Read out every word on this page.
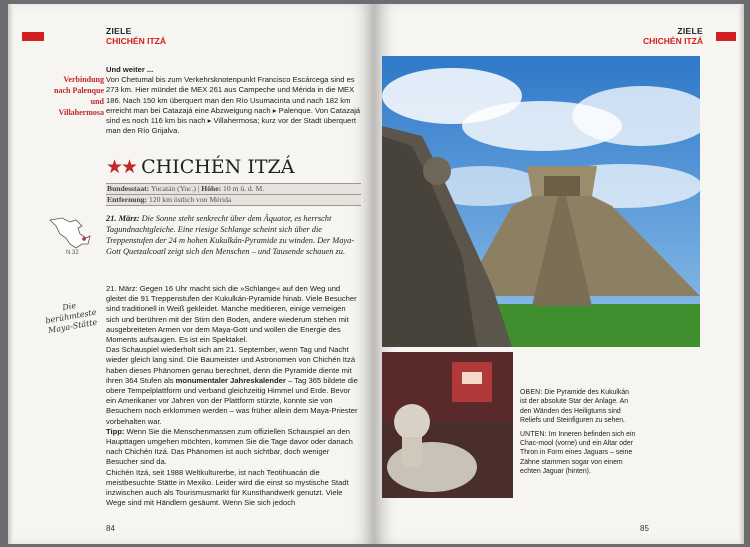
ZIELE
CHICHÉN ITZÁ
Verbindung nach Palenque und Villahermosa

Und weiter ...

Von Chetumal bis zum Verkehrsknotenpunkt Francisco Escárcega sind es 273 km. Hier mündet die MEX 261 aus Campeche und Mérida in die MEX 186. Nach 150 km überquert man den Río Usumacinta und nach 182 km erreicht man bei Catazajá eine Abzweigung nach ▸ Palenque. Von Catazajá sind es noch 116 km bis nach ▸ Villahermosa; kurz vor der Stadt überquert man den Río Grijalva.

★★ CHICHÉN ITZÁ
Bundesstaat: Yucatán (Yuc.) | Höhe: 10 m ü. d. M.
Entfernung: 120 km östlich von Mérida
N 32
21. März: Die Sonne steht senkrecht über dem Äquator, es herrscht Tagundnachtgleiche. Eine riesige Schlange scheint sich über die Treppenstufen der 24 m hohen Kukulkán-Pyramide zu winden. Der Maya-Gott Quetzalcoatl zeigt sich den Menschen – und Tausende schauen zu.
Die berühmteste Maya-Stätte

21. März: Gegen 16 Uhr macht sich die »Schlange« auf den Weg und gleitet die 91 Treppenstufen der Kukulkán-Pyramide hinab. Viele Besucher sind traditionell in Weiß gekleidet. Manche meditieren, einige verneigen sich und berühren mit der Stirn den Boden, andere wiederum stehen mit ausgebreiteten Armen vor dem Maya-Gott und wollen die Energie des Moments aufsaugen. Es ist ein Spektakel.

Das Schauspiel wiederholt sich am 21. September, wenn Tag und Nacht wieder gleich lang sind. Die Baumeister und Astronomen von Chichén Itzá haben dieses Phänomen genau berechnet, denn die Pyramide diente mit ihren 364 Stufen als monumentaler Jahreskalender – Tag 365 bildete die obere Tempelplattform und verband gleichzeitig Himmel und Erde. Bevor ein Amerikaner vor Jahren von der Plattform stürzte, konnte sie von Besuchern noch erklommen werden – was früher allein dem Maya-Priester vorbehalten war.

Tipp: Wenn Sie die Menschenmassen zum offiziellen Schauspiel an den Haupttagen umgehen möchten, kommen Sie die Tage davor oder danach nach Chichén Itzá. Das Phänomen ist auch sichtbar, doch weniger Besucher sind da.

Chichén Itzá, seit 1988 Weltkulturerbe, ist nach Teotihuacán die meistbesuchte Stätte in Mexiko. Leider wird die einst so mystische Stadt inzwischen auch als Tourismusmarkt für Kunsthandwerk genutzt. Viele Wege sind mit Händlern gesäumt. Wenn Sie sich jedoch

84
ZIELE
CHICHÉN ITZÁ

OBEN: Die Pyramide des Kukulkán ist der absolute Star der Anlage. An den Wänden des Heiligtums sind Reliefs und Steinfiguren zu sehen.

UNTEN: Im Inneren befinden sich ein Chac-mool (vorne) und ein Altar oder Thron in Form eines Jaguars – seine Zähne stammen sogar von einem echten Jaguar (hinten).

85
